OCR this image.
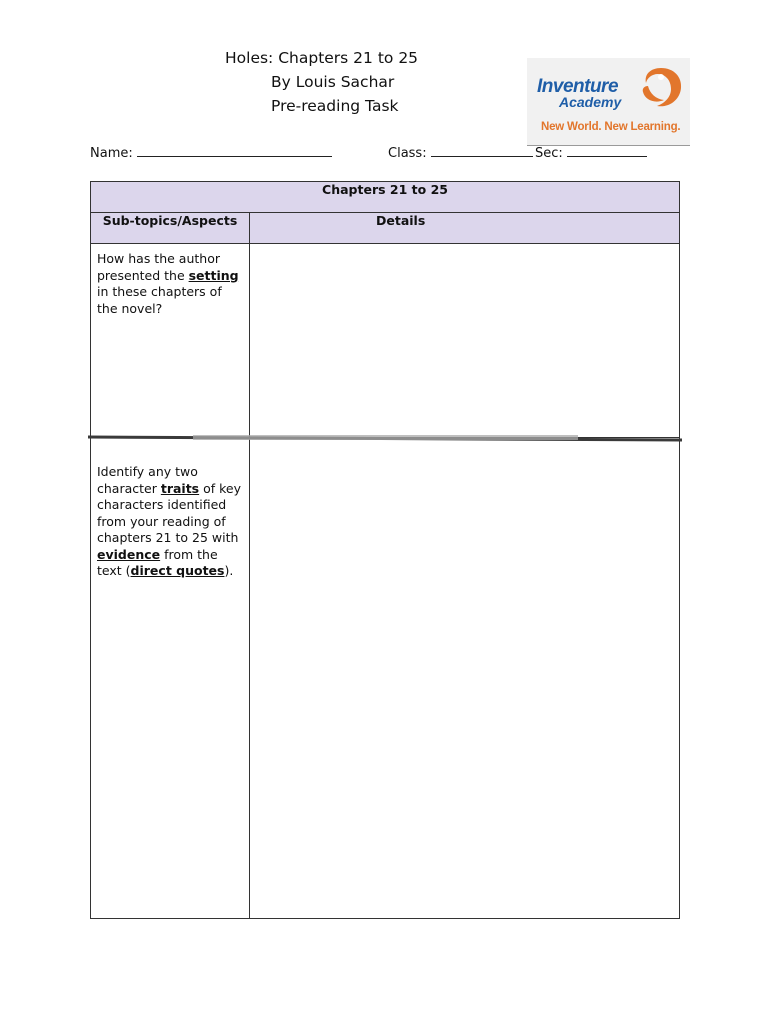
Holes: Chapters 21 to 25
By Louis Sachar
Pre-reading Task
Inventure
Academy
New World. New Learning.
Name:	Class:	Sec:
Chapters 21 to 25	
Sub-topics/Aspects	Details

How has the author presented the setting in these chapters of the novel?	

Identify any two character traits of key characters identified from your reading of chapters 21 to 25 with evidence from the text (direct quotes).	
